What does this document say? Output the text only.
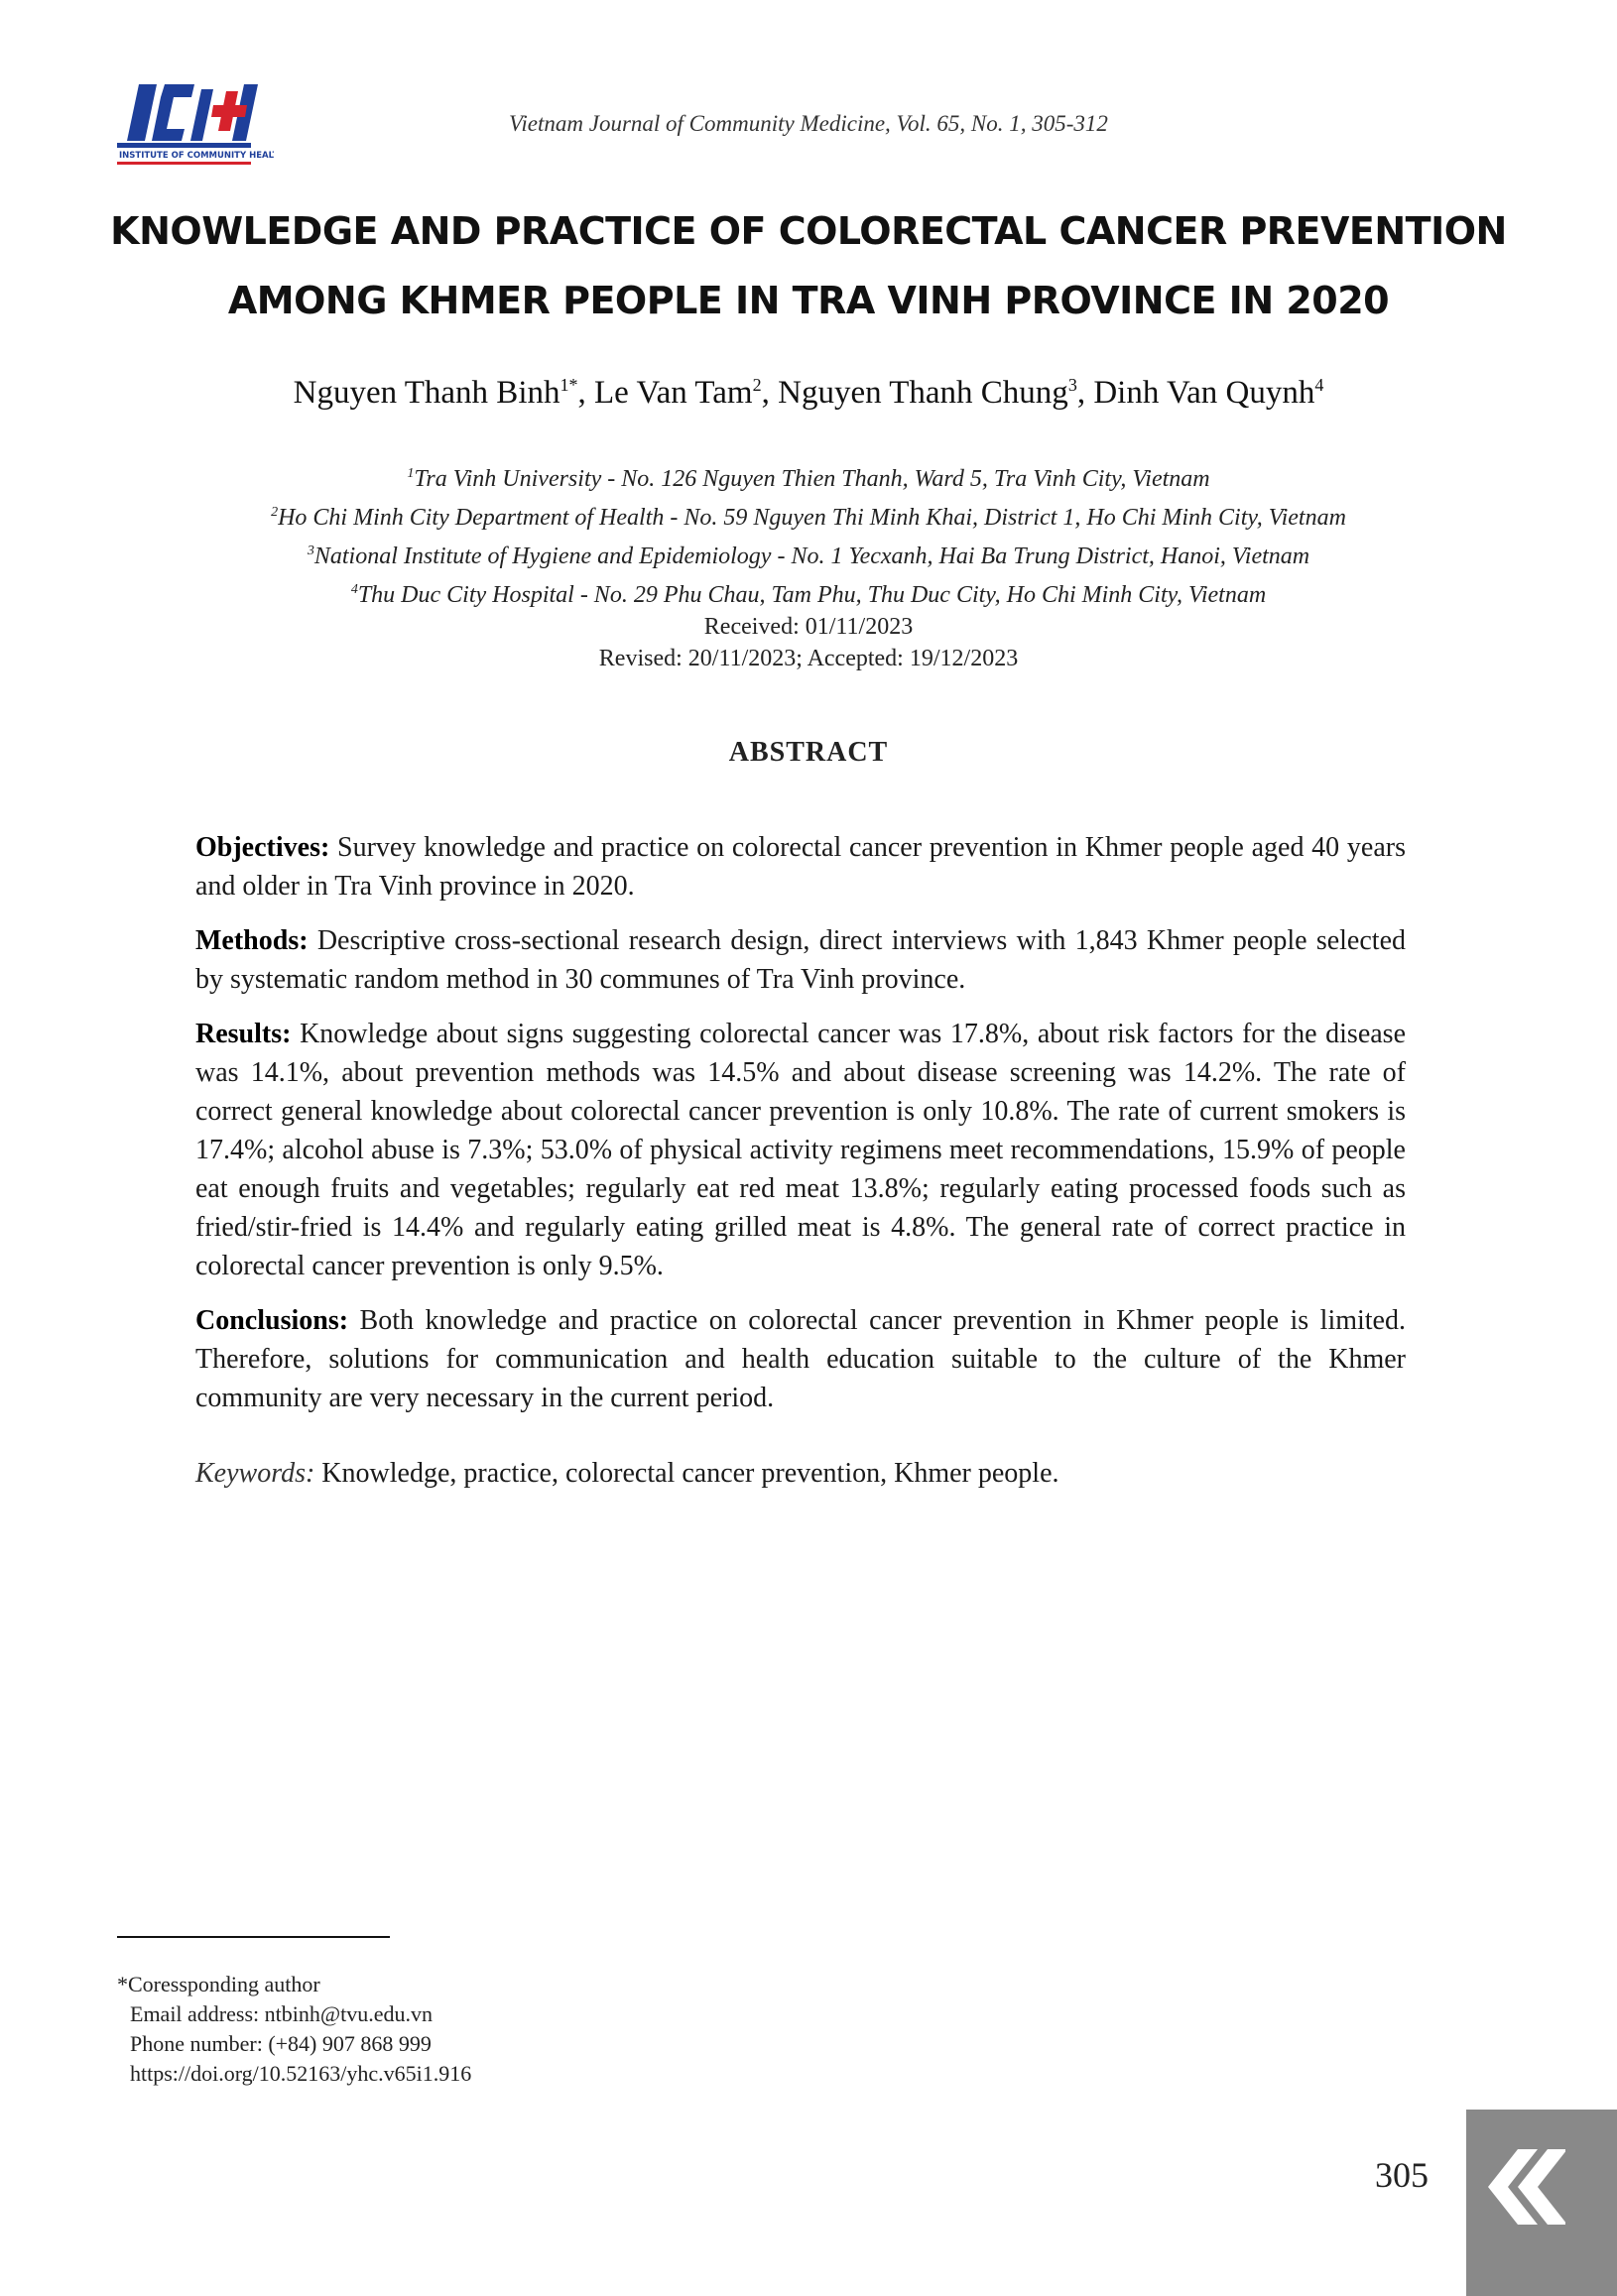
INSTITUTE OF COMMUNITY HEALTH
Vietnam Journal of Community Medicine, Vol. 65, No. 1, 305-312
KNOWLEDGE AND PRACTICE OF COLORECTAL CANCER PREVENTION
AMONG KHMER PEOPLE IN TRA VINH PROVINCE IN 2020
Nguyen Thanh Binh$^{1*}$, Le Van Tam$^2$, Nguyen Thanh Chung$^3$, Dinh Van Quynh$^4$
$^1$Tra Vinh University - No. 126 Nguyen Thien Thanh, Ward 5, Tra Vinh City, Vietnam
$^2$Ho Chi Minh City Department of Health - No. 59 Nguyen Thi Minh Khai, District 1, Ho Chi Minh City, Vietnam
$^3$National Institute of Hygiene and Epidemiology - No. 1 Yecxanh, Hai Ba Trung District, Hanoi, Vietnam
$^4$Thu Duc City Hospital - No. 29 Phu Chau, Tam Phu, Thu Duc City, Ho Chi Minh City, Vietnam
Received: 01/11/2023
Revised: 20/11/2023; Accepted: 19/12/2023
ABSTRACT

Objectives: Survey knowledge and practice on colorectal cancer prevention in Khmer people aged 40 years and older in Tra Vinh province in 2020.

Methods: Descriptive cross-sectional research design, direct interviews with 1,843 Khmer people selected by systematic random method in 30 communes of Tra Vinh province.

Results: Knowledge about signs suggesting colorectal cancer was 17.8%, about risk factors for the disease was 14.1%, about prevention methods was 14.5% and about disease screening was 14.2%. The rate of correct general knowledge about colorectal cancer prevention is only 10.8%. The rate of current smokers is 17.4%; alcohol abuse is 7.3%; 53.0% of physical activity regimens meet recommendations, 15.9% of people eat enough fruits and vegetables; regularly eat red meat 13.8%; regularly eating processed foods such as fried/stir-fried is 14.4% and regularly eating grilled meat is 4.8%. The general rate of correct practice in colorectal cancer prevention is only 9.5%.

Conclusions: Both knowledge and practice on colorectal cancer prevention in Khmer people is limited. Therefore, solutions for communication and health education suitable to the culture of the Khmer community are very necessary in the current period.

Keywords: Knowledge, practice, colorectal cancer prevention, Khmer people.
*Coressponding author
Email address: ntbinh@tvu.edu.vn
Phone number: (+84) 907 868 999
https://doi.org/10.52163/yhc.v65i1.916
305
